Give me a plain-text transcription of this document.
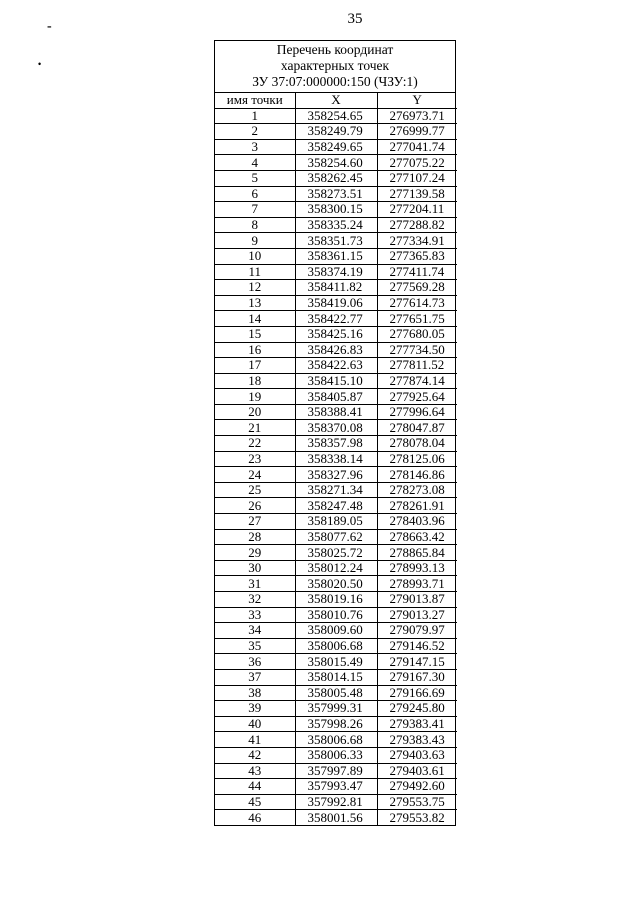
35
-
•
Перечень координат
характерных точек
ЗУ 37:07:000000:150 (ЧЗУ:1)
имя точки	X	Y
1	358254.65	276973.71
2	358249.79	276999.77
3	358249.65	277041.74
4	358254.60	277075.22
5	358262.45	277107.24
6	358273.51	277139.58
7	358300.15	277204.11
8	358335.24	277288.82
9	358351.73	277334.91
10	358361.15	277365.83
11	358374.19	277411.74
12	358411.82	277569.28
13	358419.06	277614.73
14	358422.77	277651.75
15	358425.16	277680.05
16	358426.83	277734.50
17	358422.63	277811.52
18	358415.10	277874.14
19	358405.87	277925.64
20	358388.41	277996.64
21	358370.08	278047.87
22	358357.98	278078.04
23	358338.14	278125.06
24	358327.96	278146.86
25	358271.34	278273.08
26	358247.48	278261.91
27	358189.05	278403.96
28	358077.62	278663.42
29	358025.72	278865.84
30	358012.24	278993.13
31	358020.50	278993.71
32	358019.16	279013.87
33	358010.76	279013.27
34	358009.60	279079.97
35	358006.68	279146.52
36	358015.49	279147.15
37	358014.15	279167.30
38	358005.48	279166.69
39	357999.31	279245.80
40	357998.26	279383.41
41	358006.68	279383.43
42	358006.33	279403.63
43	357997.89	279403.61
44	357993.47	279492.60
45	357992.81	279553.75
46	358001.56	279553.82
